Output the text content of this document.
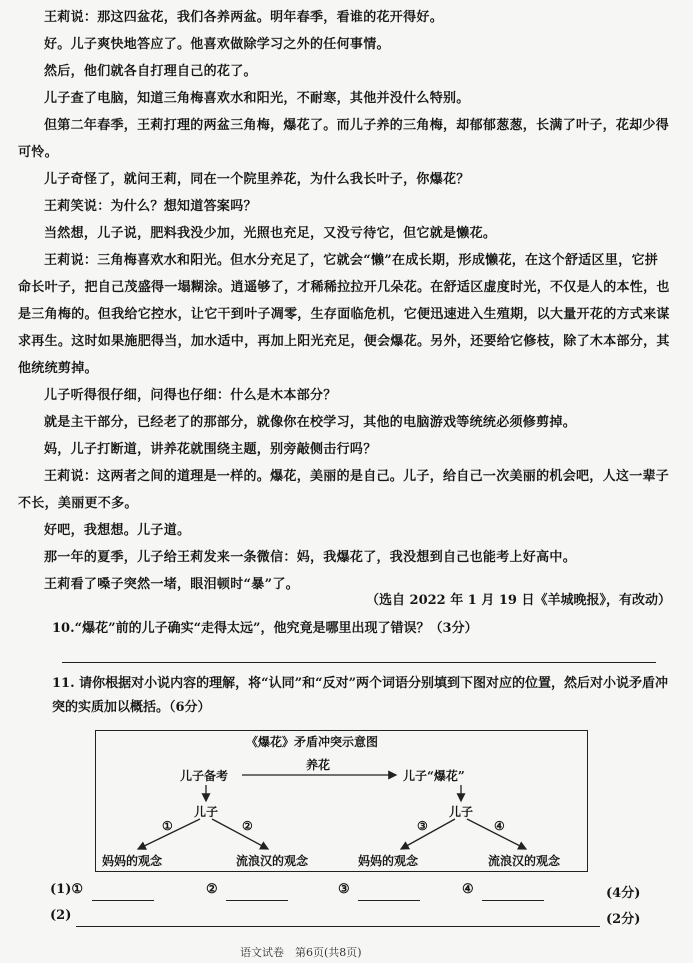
王莉说：那这四盆花，我们各养两盆。明年春季，看谁的花开得好。

好。儿子爽快地答应了。他喜欢做除学习之外的任何事情。

然后，他们就各自打理自己的花了。

儿子查了电脑，知道三角梅喜欢水和阳光，不耐寒，其他并没什么特别。

但第二年春季，王莉打理的两盆三角梅，爆花了。而儿子养的三角梅，却郁郁葱葱，长满了叶子，花却少得可怜。

儿子奇怪了，就问王莉，同在一个院里养花，为什么我长叶子，你爆花？

王莉笑说：为什么？想知道答案吗？

当然想，儿子说，肥料我没少加，光照也充足，又没亏待它，但它就是懒花。

王莉说：三角梅喜欢水和阳光。但水分充足了，它就会“懒”在成长期，形成懒花，在这个舒适区里，它拼命长叶子，把自己茂盛得一塌糊涂。逍遥够了，才稀稀拉拉开几朵花。在舒适区虚度时光，不仅是人的本性，也是三角梅的。但我给它控水，让它干到叶子凋零，生存面临危机，它便迅速进入生殖期，以大量开花的方式来谋求再生。这时如果施肥得当，加水适中，再加上阳光充足，便会爆花。另外，还要给它修枝，除了木本部分，其他统统剪掉。

儿子听得很仔细，问得也仔细：什么是木本部分？

就是主干部分，已经老了的那部分，就像你在校学习，其他的电脑游戏等统统必须修剪掉。

妈，儿子打断道，讲养花就围绕主题，别旁敲侧击行吗？

王莉说：这两者之间的道理是一样的。爆花，美丽的是自己。儿子，给自己一次美丽的机会吧，人这一辈子不长，美丽更不多。

好吧，我想想。儿子道。

那一年的夏季，儿子给王莉发来一条微信：妈，我爆花了，我没想到自己也能考上好高中。

王莉看了嗓子突然一堵，眼泪顿时“暴”了。

（选自 2022 年 1 月 19 日《羊城晚报》，有改动）
10.“爆花”前的儿子确实“走得太远”，他究竟是哪里出现了错误？（3分）
11. 请你根据对小说内容的理解，将“认同”和“反对”两个词语分别填到下图对应的位置，然后对小说矛盾冲突的实质加以概括。（6分）
《爆花》矛盾冲突示意图
儿子备考
养花
儿子“爆花”
儿子	儿子
①	②	③	④
妈妈的观念	流浪汉的观念	妈妈的观念	流浪汉的观念
(1)①	②	③	④	(4分)
(2)	(2分)
语文试卷　第6页(共8页)
